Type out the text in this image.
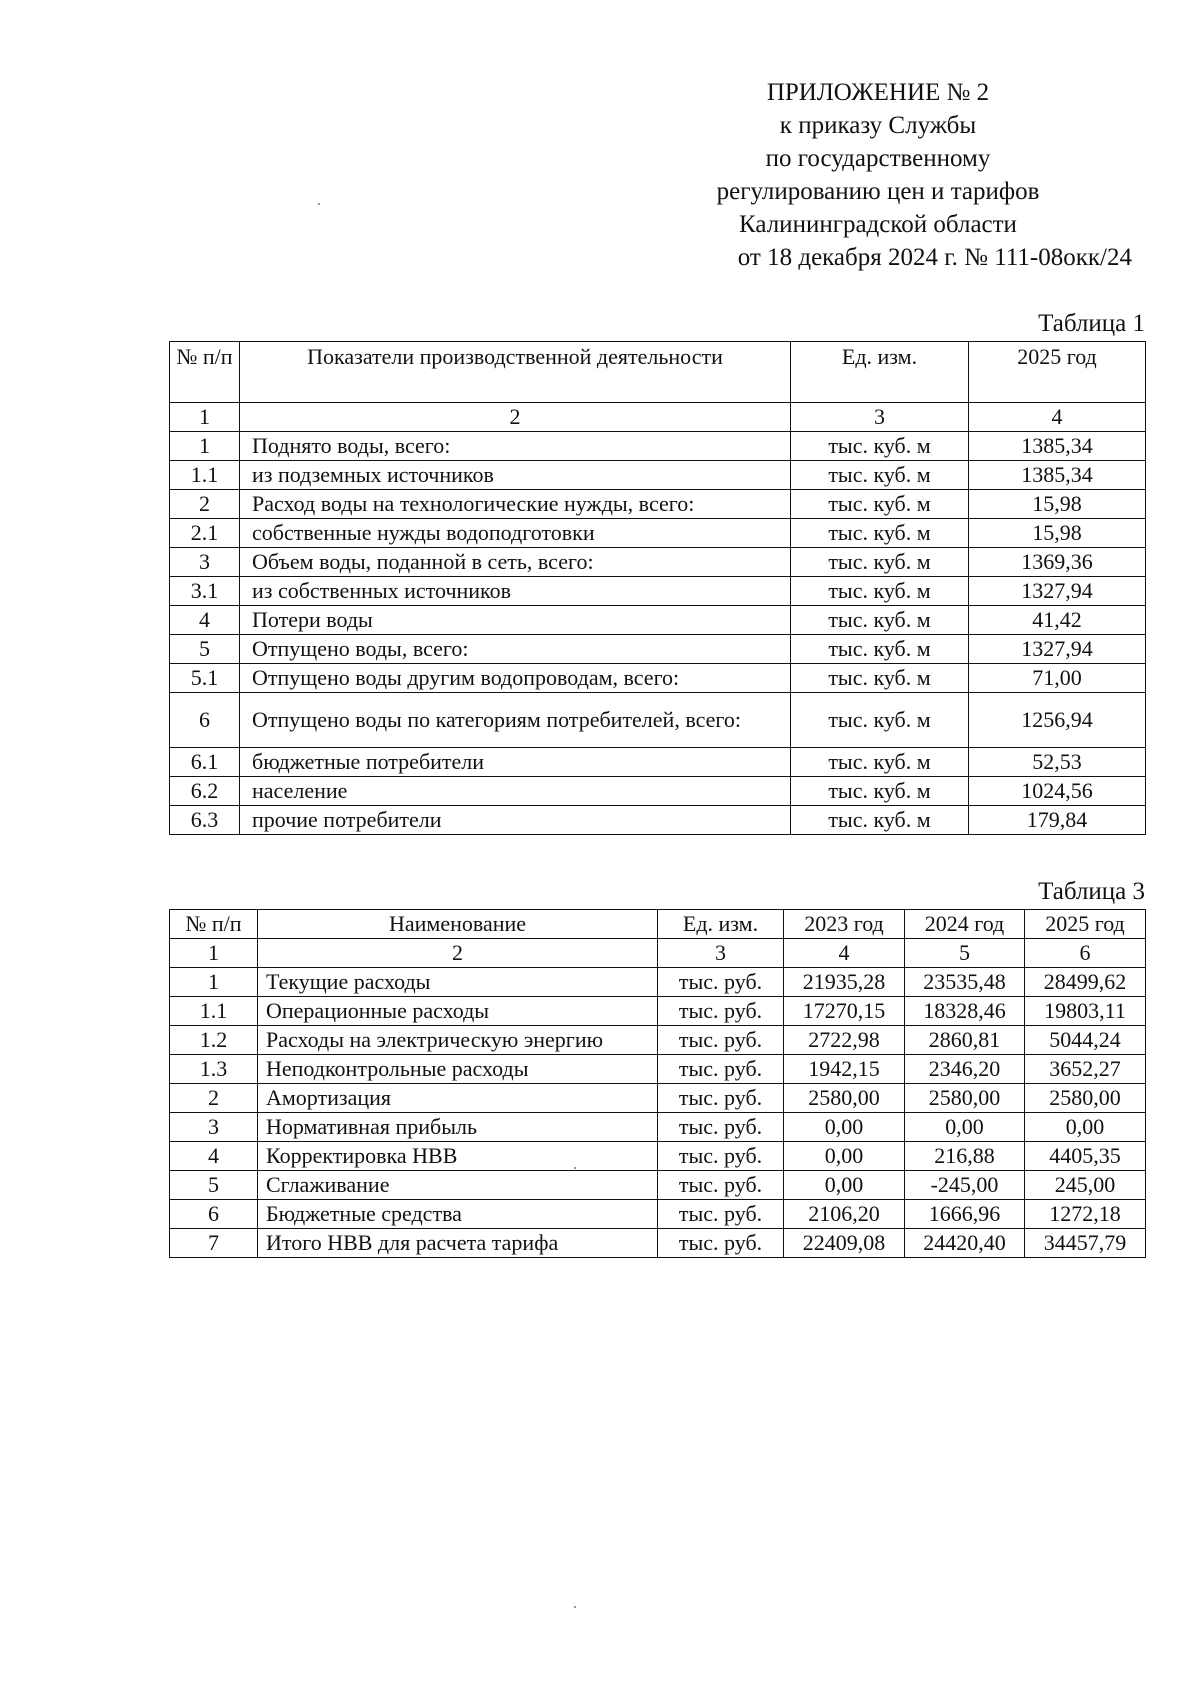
ПРИЛОЖЕНИЕ № 2
к приказу Службы
по государственному
регулированию цен и тарифов
Калининградской области
от 18 декабря 2024 г. № 111-08окк/24
Таблица 1
№ п/п	Показатели производственной деятельности	Ед. изм.	2025 год
1	2	3	4
1	Поднято воды, всего:	тыс. куб. м	1385,34
1.1	из подземных источников	тыс. куб. м	1385,34
2	Расход воды на технологические нужды, всего:	тыс. куб. м	15,98
2.1	собственные нужды водоподготовки	тыс. куб. м	15,98
3	Объем воды, поданной в сеть, всего:	тыс. куб. м	1369,36
3.1	из собственных источников	тыс. куб. м	1327,94
4	Потери воды	тыс. куб. м	41,42
5	Отпущено воды, всего:	тыс. куб. м	1327,94
5.1	Отпущено воды другим водопроводам, всего:	тыс. куб. м	71,00
6	Отпущено воды по категориям потребителей, всего:	тыс. куб. м	1256,94
6.1	бюджетные потребители	тыс. куб. м	52,53
6.2	население	тыс. куб. м	1024,56
6.3	прочие потребители	тыс. куб. м	179,84
Таблица 3
№ п/п	Наименование	Ед. изм.	2023 год	2024 год	2025 год
1	2	3	4	5	6
1	Текущие расходы	тыс. руб.	21935,28	23535,48	28499,62
1.1	Операционные расходы	тыс. руб.	17270,15	18328,46	19803,11
1.2	Расходы на электрическую энергию	тыс. руб.	2722,98	2860,81	5044,24
1.3	Неподконтрольные расходы	тыс. руб.	1942,15	2346,20	3652,27
2	Амортизация	тыс. руб.	2580,00	2580,00	2580,00
3	Нормативная прибыль	тыс. руб.	0,00	0,00	0,00
4	Корректировка НВВ	тыс. руб.	0,00	216,88	4405,35
5	Сглаживание	тыс. руб.	0,00	-245,00	245,00
6	Бюджетные средства	тыс. руб.	2106,20	1666,96	1272,18
7	Итого НВВ для расчета тарифа	тыс. руб.	22409,08	24420,40	34457,79
